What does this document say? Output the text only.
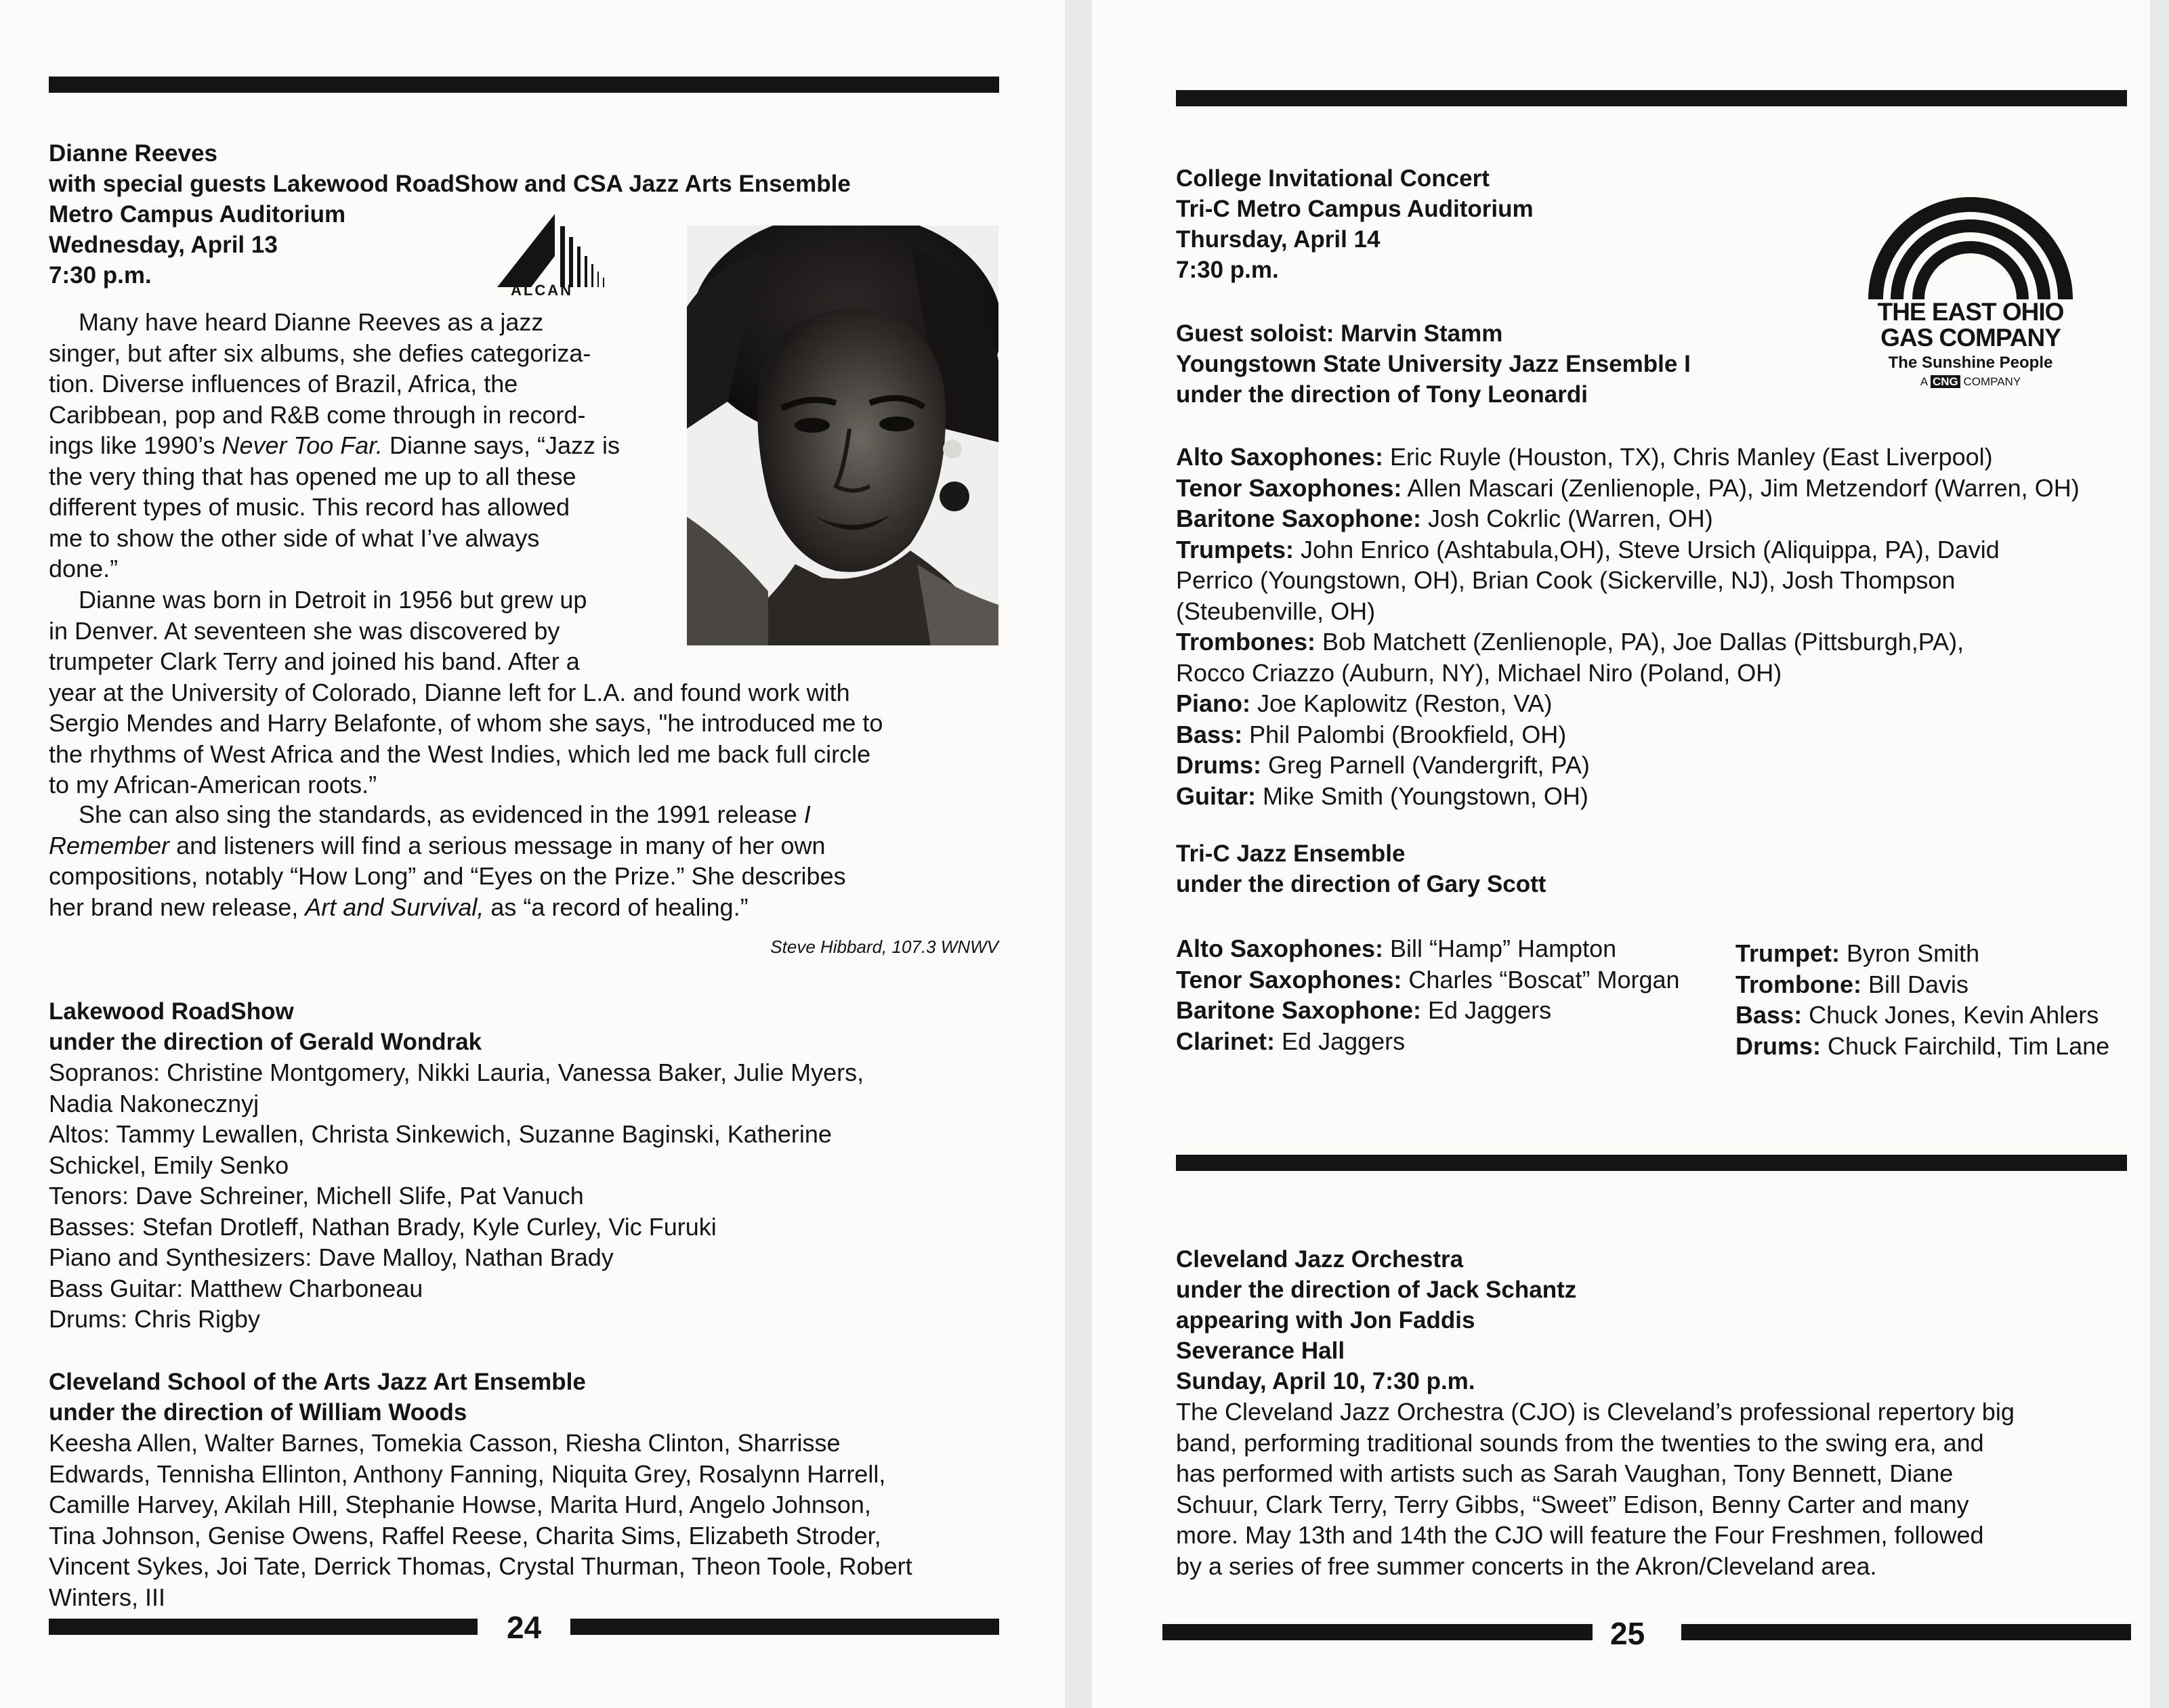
Dianne Reeves
with special guests Lakewood RoadShow and CSA Jazz Arts Ensemble
Metro Campus Auditorium
Wednesday, April 13
7:30 p.m.
ALCAN
Many have heard Dianne Reeves as a jazz
singer, but after six albums, she defies categoriza-
tion. Diverse influences of Brazil, Africa, the
Caribbean, pop and R&B come through in record-
ings like 1990’s Never Too Far. Dianne says, “Jazz is
the very thing that has opened me up to all these
different types of music. This record has allowed
me to show the other side of what I’ve always
done.”
Dianne was born in Detroit in 1956 but grew up
in Denver. At seventeen she was discovered by
trumpeter Clark Terry and joined his band. After a
year at the University of Colorado, Dianne left for L.A. and found work with
Sergio Mendes and Harry Belafonte, of whom she says, "he introduced me to
the rhythms of West Africa and the West Indies, which led me back full circle
to my African-American roots.”
She can also sing the standards, as evidenced in the 1991 release I
Remember and listeners will find a serious message in many of her own
compositions, notably “How Long” and “Eyes on the Prize.” She describes
her brand new release, Art and Survival, as “a record of healing.”
Steve Hibbard, 107.3 WNWV
Lakewood RoadShow
under the direction of Gerald Wondrak
Sopranos: Christine Montgomery, Nikki Lauria, Vanessa Baker, Julie Myers,
Nadia Nakonecznyj
Altos: Tammy Lewallen, Christa Sinkewich, Suzanne Baginski, Katherine
Schickel, Emily Senko
Tenors: Dave Schreiner, Michell Slife, Pat Vanuch
Basses: Stefan Drotleff, Nathan Brady, Kyle Curley, Vic Furuki
Piano and Synthesizers: Dave Malloy, Nathan Brady
Bass Guitar: Matthew Charboneau
Drums: Chris Rigby
Cleveland School of the Arts Jazz Art Ensemble
under the direction of William Woods
Keesha Allen, Walter Barnes, Tomekia Casson, Riesha Clinton, Sharrisse
Edwards, Tennisha Ellinton, Anthony Fanning, Niquita Grey, Rosalynn Harrell,
Camille Harvey, Akilah Hill, Stephanie Howse, Marita Hurd, Angelo Johnson,
Tina Johnson, Genise Owens, Raffel Reese, Charita Sims, Elizabeth Stroder,
Vincent Sykes, Joi Tate, Derrick Thomas, Crystal Thurman, Theon Toole, Robert
Winters, III
24
College Invitational Concert
Tri-C Metro Campus Auditorium
Thursday, April 14
7:30 p.m.
Guest soloist: Marvin Stamm
Youngstown State University Jazz Ensemble I
under the direction of Tony Leonardi
THE EAST OHIO
GAS COMPANY
The Sunshine People
A CNG COMPANY
Alto Saxophones: Eric Ruyle (Houston, TX), Chris Manley (East Liverpool)
Tenor Saxophones: Allen Mascari (Zenlienople, PA), Jim Metzendorf (Warren, OH)
Baritone Saxophone: Josh Cokrlic (Warren, OH)
Trumpets: John Enrico (Ashtabula,OH), Steve Ursich (Aliquippa, PA), David
Perrico (Youngstown, OH), Brian Cook (Sickerville, NJ), Josh Thompson
(Steubenville, OH)
Trombones: Bob Matchett (Zenlienople, PA), Joe Dallas (Pittsburgh,PA),
Rocco Criazzo (Auburn, NY), Michael Niro (Poland, OH)
Piano: Joe Kaplowitz (Reston, VA)
Bass: Phil Palombi (Brookfield, OH)
Drums: Greg Parnell (Vandergrift, PA)
Guitar: Mike Smith (Youngstown, OH)
Tri-C Jazz Ensemble
under the direction of Gary Scott
Alto Saxophones: Bill “Hamp” Hampton
Tenor Saxophones: Charles “Boscat” Morgan
Baritone Saxophone: Ed Jaggers
Clarinet: Ed Jaggers
Trumpet: Byron Smith
Trombone: Bill Davis
Bass: Chuck Jones, Kevin Ahlers
Drums: Chuck Fairchild, Tim Lane
Cleveland Jazz Orchestra
under the direction of Jack Schantz
appearing with Jon Faddis
Severance Hall
Sunday, April 10, 7:30 p.m.
The Cleveland Jazz Orchestra (CJO) is Cleveland’s professional repertory big
band, performing traditional sounds from the twenties to the swing era, and
has performed with artists such as Sarah Vaughan, Tony Bennett, Diane
Schuur, Clark Terry, Terry Gibbs, “Sweet” Edison, Benny Carter and many
more. May 13th and 14th the CJO will feature the Four Freshmen, followed
by a series of free summer concerts in the Akron/Cleveland area.
25
